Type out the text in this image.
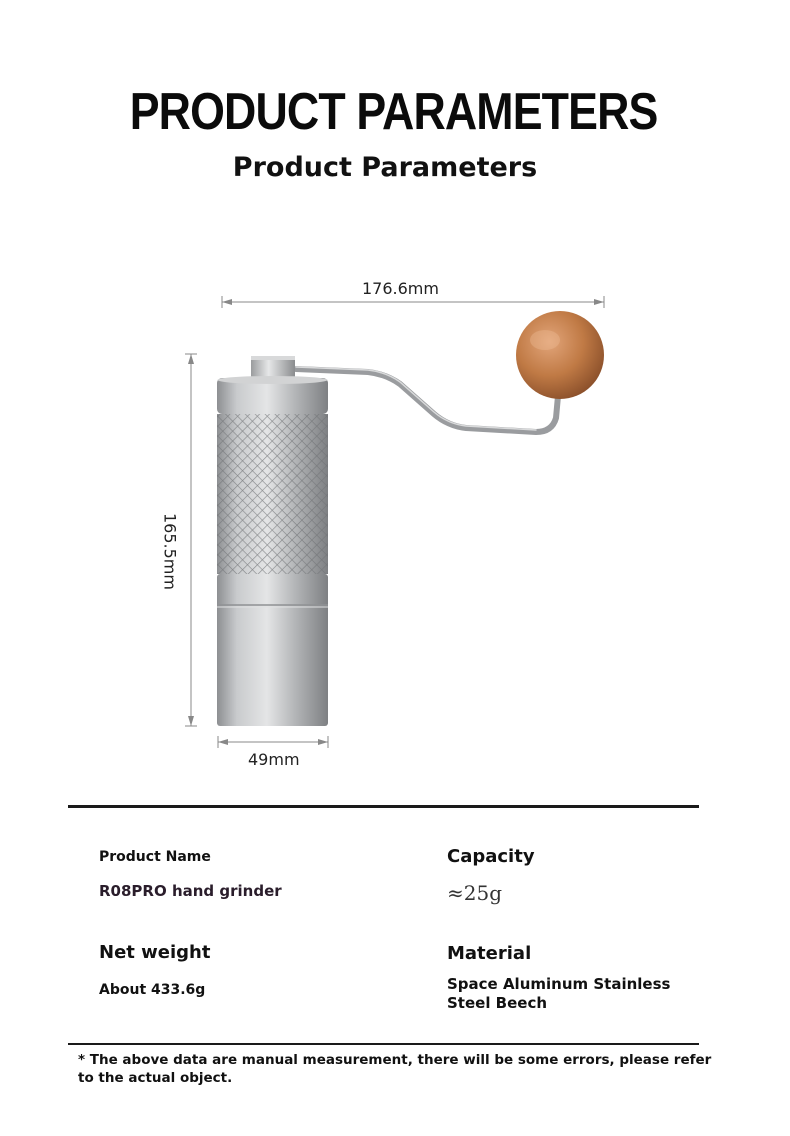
PRODUCT PARAMETERS
Product Parameters
176.6mm
165.5mm
49mm
Product Name
R08PRO hand grinder
Capacity
≈25g
Net weight
About 433.6g
Material
Space Aluminum Stainless Steel Beech
* The above data are manual measurement, there will be some errors, please refer to the actual object.
